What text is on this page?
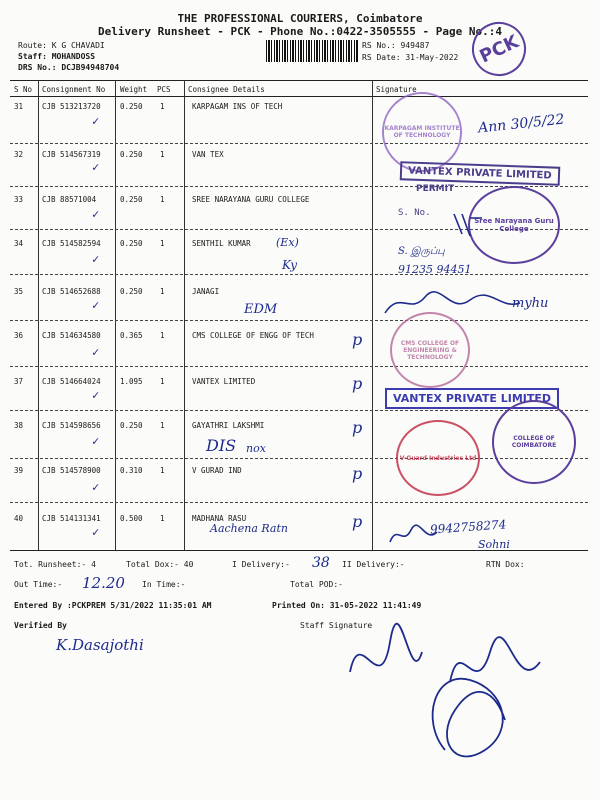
THE PROFESSIONAL COURIERS, Coimbatore
Delivery Runsheet - PCK - Phone No.:0422-3505555 - Page No.:4
Route: K G CHAVADI
Staff: MOHANDOSS
DRS No.: DCJB94948704
RS No.: 949487
RS Date: 31-May-2022
S No Consignment No Weight PCS Consignee Details	Signature
31	CJB 513213720	0.250 1	KARPAGAM INS OF TECH
32	CJB 514567319	0.250 1	VAN TEX
33	CJB 88571004	0.250 1	SREE NARAYANA GURU COLLEGE
34	CJB 514582594	0.250 1	SENTHIL KUMAR
35	CJB 514652688	0.250 1	JANAGI
36	CJB 514634580	0.365 1	CMS COLLEGE OF ENGG OF TECH
37	CJB 514664024	1.095 1	VANTEX LIMITED
38	CJB 514598656	0.250 1	GAYATHRI LAKSHMI
39	CJB 514578900	0.310 1	V GURAD IND
40	CJB 514131341	0.500 1	MADHANA RASU
✓
✓
✓
✓
✓
✓
✓
✓
✓
✓
p
p
p
p
p
PCK
KARPAGAM INSTITUTE OF TECHNOLOGY
VANTEX PRIVATE LIMITED
PERMIT
S. No.
Sree Narayana Guru College
CMS COLLEGE OF ENGINEERING & TECHNOLOGY
VANTEX PRIVATE LIMITED
V-Guard Industries Ltd
COLLEGE OF COIMBATORE
Ann 30/5/22
(Ex)
Ky
S. இருப்பு
91235 94451
EDM	myhu
DIS nox
Aachena Ratn	9942758274
Sohni
Tot. Runsheet:- 4	Total Dox:- 40	I Delivery:- 38 II Delivery:-	RTN Dox:
Out Time:- 12.20 In Time:-	Total POD:-
Entered By :PCKPREM 5/31/2022 11:35:01 AM	Printed On: 31-05-2022 11:41:49
Verified By	Staff Signature
K.Dasajothi
